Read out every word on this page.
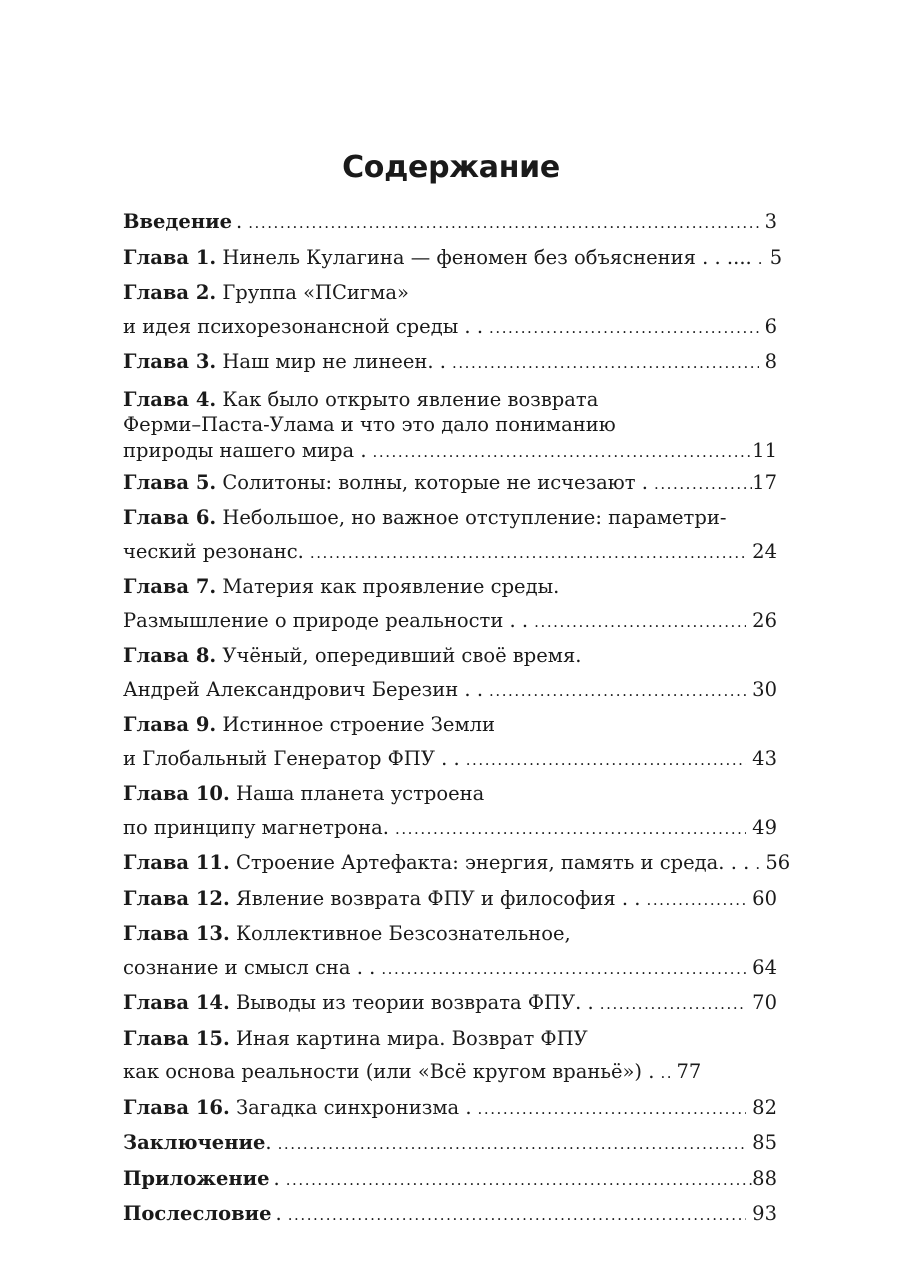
Содержание
Введение . . . .	3
Глава 1.
Нинель Кулагина — феномен без объяснения . . .... . . . 5
Глава 2.
Группа «ПСигма»
и идея психорезонансной среды . . . . .	6
Глава 3.
Наш мир не линеен. . . . .	8
Глава 4. Как было открыто явление возврата
Ферми–Паста-Улама и что это дало пониманию
природы нашего мира . . . .	11
Глава 5.
Солитоны: волны, которые не исчезают . . . .	17
Глава 6.
Небольшое, но важное отступление: параметри-
ческий резонанс. . . .	24
Глава 7.
Материя как проявление среды.
Размышление о природе реальности . . . . .	26
Глава 8.
Учёный, опередивший своё время.
Андрей Александрович Березин . . . . .	30
Глава 9.
Истинное строение Земли
и Глобальный Генератор ФПУ . . . . .	43
Глава 10.
Наша планета устроена
по принципу магнетрона. . . .	49
Глава 11.
Строение Артефакта: энергия, память и среда. . . . . . 56
Глава 12.
Явление возврата ФПУ и философия . . . . .	60
Глава 13.
Коллективное Безсознательное,
сознание и смысл сна . . . . .	64
Глава 14.
Выводы из теории возврата ФПУ. . . . .	70
Глава 15.
Иная картина мира. Возврат ФПУ
как основа реальности (или «Всё кругом враньё») . . . . 77
Глава 16.
Загадка синхронизма . . . .	82
Заключение . . . .	85
Приложение . . . .	88
Послесловие . . . .	93
